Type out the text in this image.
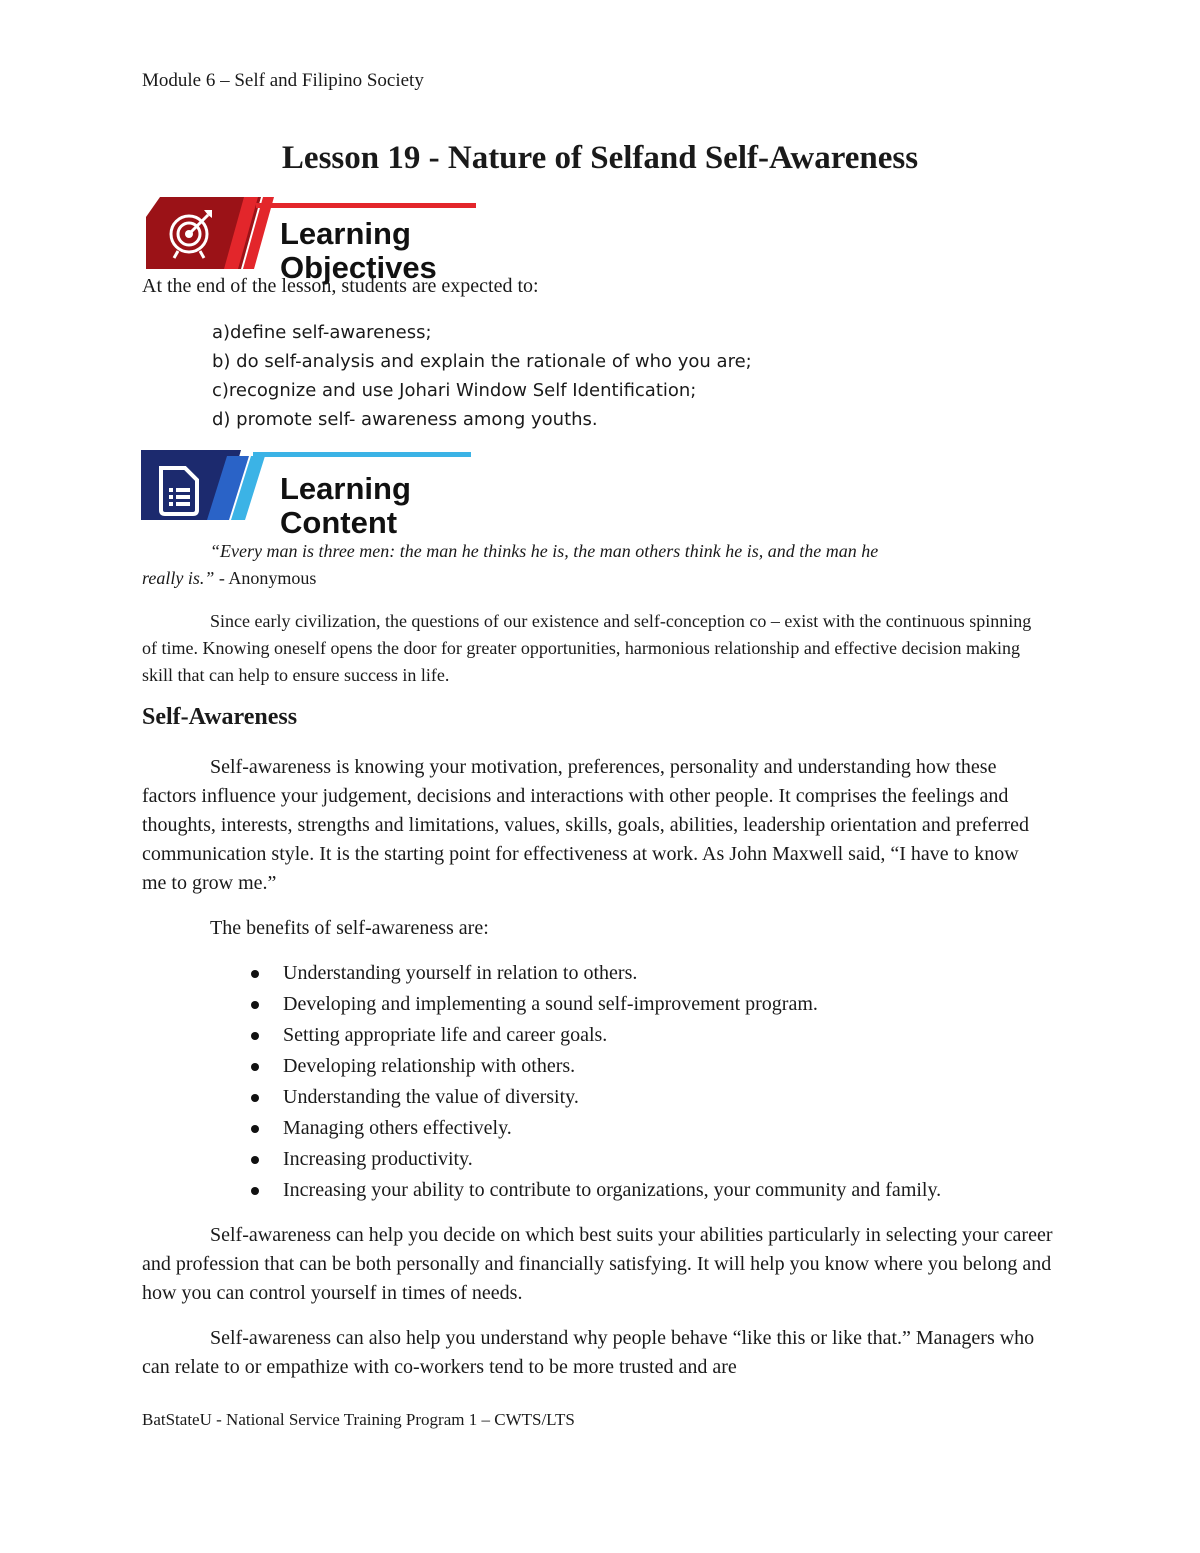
Module 6 – Self and Filipino Society
Lesson 19 - Nature of Selfand Self-Awareness
Learning Objectives
At the end of the lesson, students are expected to:
a)define self-awareness;
b) do self-analysis and explain the rationale of who you are;
c)recognize and use Johari Window Self Identification;
d) promote self- awareness among youths.
Learning
Content
“Every man is three men: the man he thinks he is, the man others think he is, and the man he
really is.” - Anonymous
Since early civilization, the questions of our existence and self-conception co – exist with the continuous spinning of time. Knowing oneself opens the door for greater opportunities, harmonious relationship and effective decision making skill that can help to ensure success in life.
Self-Awareness
Self-awareness is knowing your motivation, preferences, personality and understanding how these factors influence your judgement, decisions and interactions with other people. It comprises the feelings and thoughts, interests, strengths and limitations, values, skills, goals, abilities, leadership orientation and preferred communication style. It is the starting point for effectiveness at work. As John Maxwell said, “I have to know me to grow me.”
The benefits of self-awareness are:
Understanding yourself in relation to others.
Developing and implementing a sound self-improvement program.
Setting appropriate life and career goals.
Developing relationship with others.
Understanding the value of diversity.
Managing others effectively.
Increasing productivity.
Increasing your ability to contribute to organizations, your community and family.
Self-awareness can help you decide on which best suits your abilities particularly in selecting your career and profession that can be both personally and financially satisfying. It will help you know where you belong and how you can control yourself in times of needs.
Self-awareness can also help you understand why people behave “like this or like that.” Managers who can relate to or empathize with co-workers tend to be more trusted and are
BatStateU - National Service Training Program 1 – CWTS/LTS
